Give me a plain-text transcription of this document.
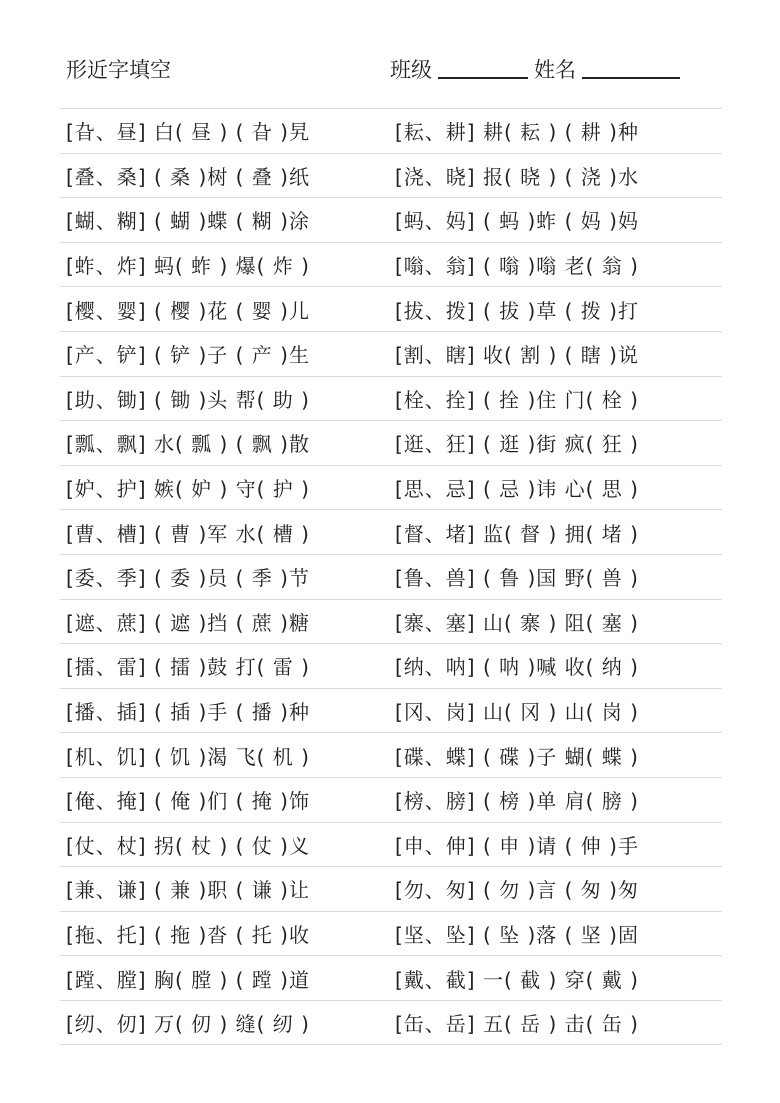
形近字填空	班级	姓名
[旮、昼] 白( 昼 ) ( 旮 )旯	[耘、耕] 耕( 耘 ) ( 耕 )种
[叠、桑] ( 桑 )树 ( 叠 )纸	[浇、晓] 报( 晓 ) ( 浇 )水
[蝴、糊] ( 蝴 )蝶 ( 糊 )涂	[蚂、妈] ( 蚂 )蚱 ( 妈 )妈
[蚱、炸] 蚂( 蚱 ) 爆( 炸 )	[嗡、翁] ( 嗡 )嗡 老( 翁 )
[樱、婴] ( 樱 )花 ( 婴 )儿	[拔、拨] ( 拔 )草 ( 拨 )打
[产、铲] ( 铲 )子 ( 产 )生	[割、瞎] 收( 割 ) ( 瞎 )说
[助、锄] ( 锄 )头 帮( 助 )	[栓、拴] ( 拴 )住 门( 栓 )
[瓢、飘] 水( 瓢 ) ( 飘 )散	[逛、狂] ( 逛 )街 疯( 狂 )
[妒、护] 嫉( 妒 ) 守( 护 )	[思、忌] ( 忌 )讳 心( 思 )
[曹、槽] ( 曹 )军 水( 槽 )	[督、堵] 监( 督 ) 拥( 堵 )
[委、季] ( 委 )员 ( 季 )节	[鲁、兽] ( 鲁 )国 野( 兽 )
[遮、蔗] ( 遮 )挡 ( 蔗 )糖	[寨、塞] 山( 寨 ) 阻( 塞 )
[擂、雷] ( 擂 )鼓 打( 雷 )	[纳、呐] ( 呐 )喊 收( 纳 )
[播、插] ( 插 )手 ( 播 )种	[冈、岗] 山( 冈 ) 山( 岗 )
[机、饥] ( 饥 )渴 飞( 机 )	[碟、蝶] ( 碟 )子 蝴( 蝶 )
[俺、掩] ( 俺 )们 ( 掩 )饰	[榜、膀] ( 榜 )单 肩( 膀 )
[仗、杖] 拐( 杖 ) ( 仗 )义	[申、伸] ( 申 )请 ( 伸 )手
[兼、谦] ( 兼 )职 ( 谦 )让	[勿、匆] ( 勿 )言 ( 匆 )匆
[拖、托] ( 拖 )沓 ( 托 )收	[坚、坠] ( 坠 )落 ( 坚 )固
[蹚、膛] 胸( 膛 ) ( 蹚 )道	[戴、截] 一( 截 ) 穿( 戴 )
[纫、仞] 万( 仞 ) 缝( 纫 )	[缶、岳] 五( 岳 ) 击( 缶 )
